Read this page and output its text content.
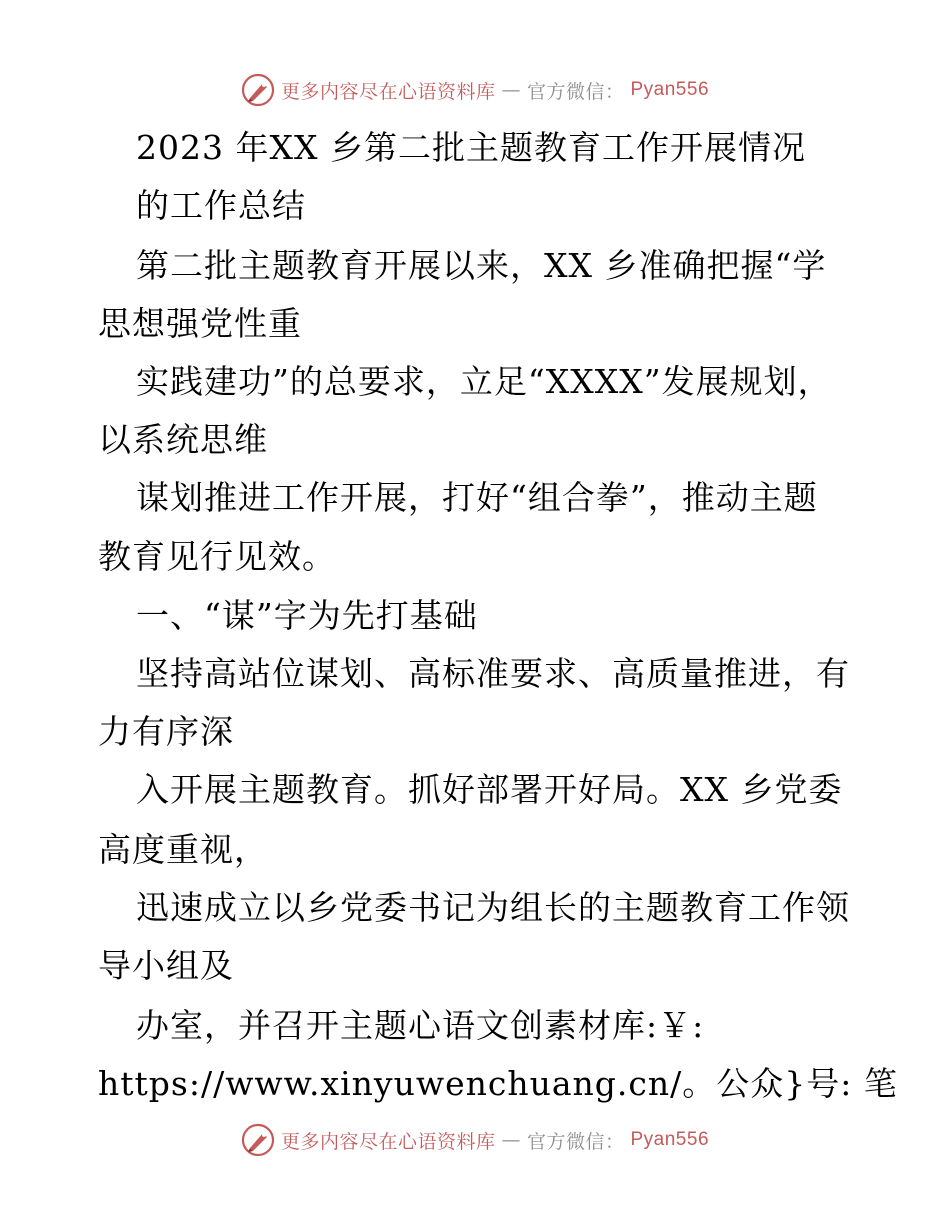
更多内容尽在心语资料库 — 官方微信： Pyan556
2023 年XX 乡第二批主题教育工作开展情况
的工作总结
第二批主题教育开展以来，XX 乡准确把握“学
思想强党性重
实践建功”的总要求，立足“XXXX”发展规划，
以系统思维
谋划推进工作开展，打好“组合拳”，推动主题
教育见行见效。
一、“谋”字为先打基础
坚持高站位谋划、高标准要求、高质量推进，有
力有序深
入开展主题教育。抓好部署开好局。XX 乡党委
高度重视，
迅速成立以乡党委书记为组长的主题教育工作领
导小组及
办室，并召开主题心语文创素材库:￥:
https://www.xinyuwenchuang.cn/。公众}号: 笔
更多内容尽在心语资料库 — 官方微信： Pyan556
